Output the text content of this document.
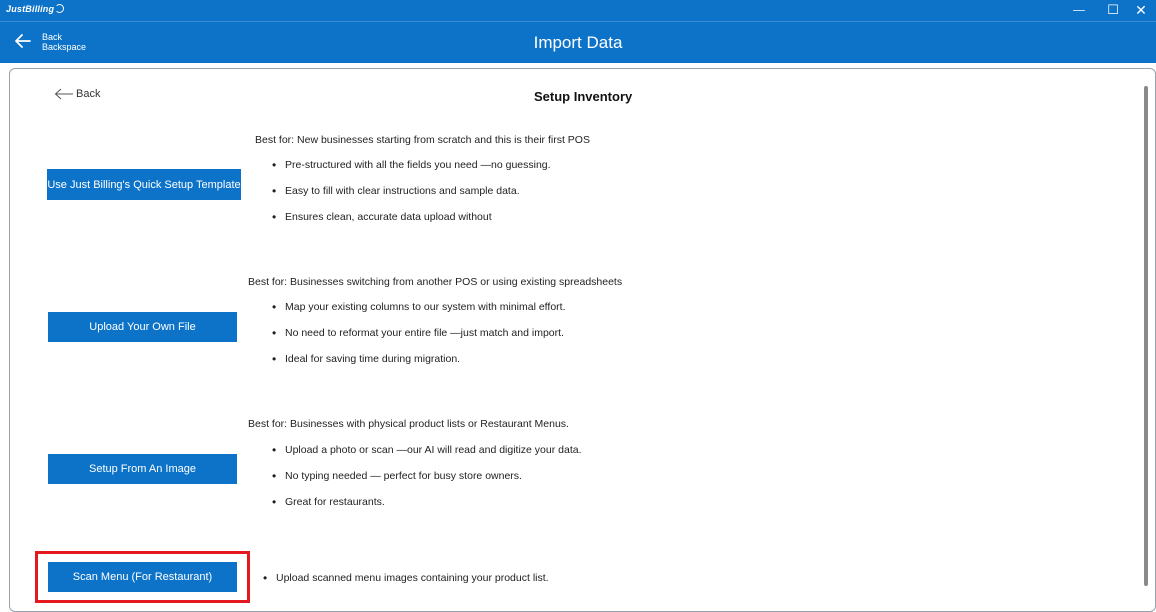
JustBilling	—	☐	✕
Back
Backspace	Import Data
Back	Setup Inventory
Use Just Billing's Quick Setup Template
Best for: New businesses starting from scratch and this is their first POS
• Pre-structured with all the fields you need —no guessing.
• Easy to fill with clear instructions and sample data.
• Ensures clean, accurate data upload without
Upload Your Own File
Best for: Businesses switching from another POS or using existing spreadsheets
• Map your existing columns to our system with minimal effort.
• No need to reformat your entire file —just match and import.
• Ideal for saving time during migration.
Setup From An Image
Best for: Businesses with physical product lists or Restaurant Menus.
• Upload a photo or scan —our AI will read and digitize your data.
• No typing needed — perfect for busy store owners.
• Great for restaurants.
Scan Menu (For Restaurant)
•	Upload scanned menu images containing your product list.
